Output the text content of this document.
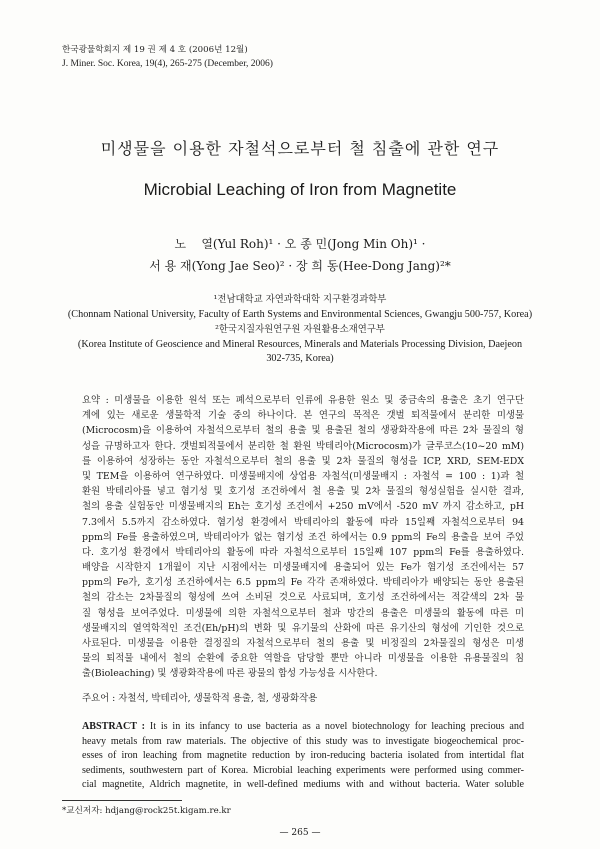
한국광물학회지 제 19 권 제 4 호 (2006년 12월)
J. Miner. Soc. Korea, 19(4), 265-275 (December, 2006)
미생물을 이용한 자철석으로부터 철 침출에 관한 연구
Microbial Leaching of Iron from Magnetite
노    열(Yul Roh)¹ · 오 종 민(Jong Min Oh)¹ ·
서 용 재(Yong Jae Seo)² · 장 희 동(Hee-Dong Jang)²*
¹전남대학교 자연과학대학 지구환경과학부
(Chonnam National University, Faculty of Earth Systems and Environmental Sciences, Gwangju 500-757, Korea)
²한국지질자원연구원 자원활용소재연구부
(Korea Institute of Geoscience and Mineral Resources, Minerals and Materials Processing Division, Daejeon
302-735, Korea)
요약 : 미생물을 이용한 원석 또는 폐석으로부터 인류에 유용한 원소 및 중금속의 용출은 초기 연구단
계에 있는 새로운 생물학적 기술 중의 하나이다. 본 연구의 목적은 갯벌 퇴적물에서 분리한 미생물
(Microcosm)을 이용하여 자철석으로부터 철의 용출 및 용출된 철의 생광화작용에 따른 2차 물질의 형
성을 규명하고자 한다. 갯벌퇴적물에서 분리한 철 환원 박테리아(Microcosm)가 글루코스(10~20 mM)
를 이용하여 성장하는 동안 자철석으로부터 철의 용출 및 2차 물질의 형성을 ICP, XRD, SEM-EDX
및 TEM을 이용하여 연구하였다. 미생물배지에 상업용 자철석(미생물배지 : 자철석 = 100 : 1)과 철
환원 박테리아를 넣고 혐기성 및 호기성 조건하에서 철 용출 및 2차 물질의 형성실험을 실시한 결과,
철의 용출 실험동안 미생물배지의 Eh는 호기성 조건에서 +250 mV에서 -520 mV 까지 감소하고, pH
7.3에서 5.5까지 감소하였다. 혐기성 환경에서 박테리아의 활동에 따라 15일째 자철석으로부터 94
ppm의 Fe를 용출하였으며, 박테리아가 없는 혐기성 조건 하에서는 0.9 ppm의 Fe의 용출을 보여 주었
다. 호기성 환경에서 박테리아의 활동에 따라 자철석으로부터 15일째 107 ppm의 Fe를 용출하였다.
배양을 시작한지 1개월이 지난 시점에서는 미생물배지에 용출되어 있는 Fe가 혐기성 조건에서는 57
ppm의 Fe가, 호기성 조건하에서는 6.5 ppm의 Fe 각각 존재하였다. 박테리아가 배양되는 동안 용출된
철의 감소는 2차물질의 형성에 쓰여 소비된 것으로 사료되며, 호기성 조건하에서는 적갈색의 2차 물
질 형성을 보여주었다. 미생물에 의한 자철석으로부터 철과 망간의 용출은 미생물의 활동에 따른 미
생물배지의 열역학적인 조건(Eh/pH)의 변화 및 유기물의 산화에 따른 유기산의 형성에 기인한 것으로
사료된다. 미생물을 이용한 결정질의 자철석으로부터 철의 용출 및 비정질의 2차물질의 형성은 미생
물의 퇴적물 내에서 철의 순환에 중요한 역할을 담당할 뿐만 아니라 미생물을 이용한 유용물질의 침
출(Bioleaching) 및 생광화작용에 따른 광물의 합성 가능성을 시사한다.
주요어 : 자철석, 박테리아, 생물학적 용출, 철, 생광화작용
ABSTRACT : It is in its infancy to use bacteria as a novel biotechnology for leaching precious and
heavy metals from raw materials. The objective of this study was to investigate biogeochemical proc-
esses of iron leaching from magnetite reduction by iron-reducing bacteria isolated from intertidal flat
sediments, southwestern part of Korea. Microbial leaching experiments were performed using commer-
cial magnetite, Aldrich magnetite, in well-defined mediums with and without bacteria. Water soluble
*교신저자: hdjang@rock25t.kigam.re.kr
— 265 —
